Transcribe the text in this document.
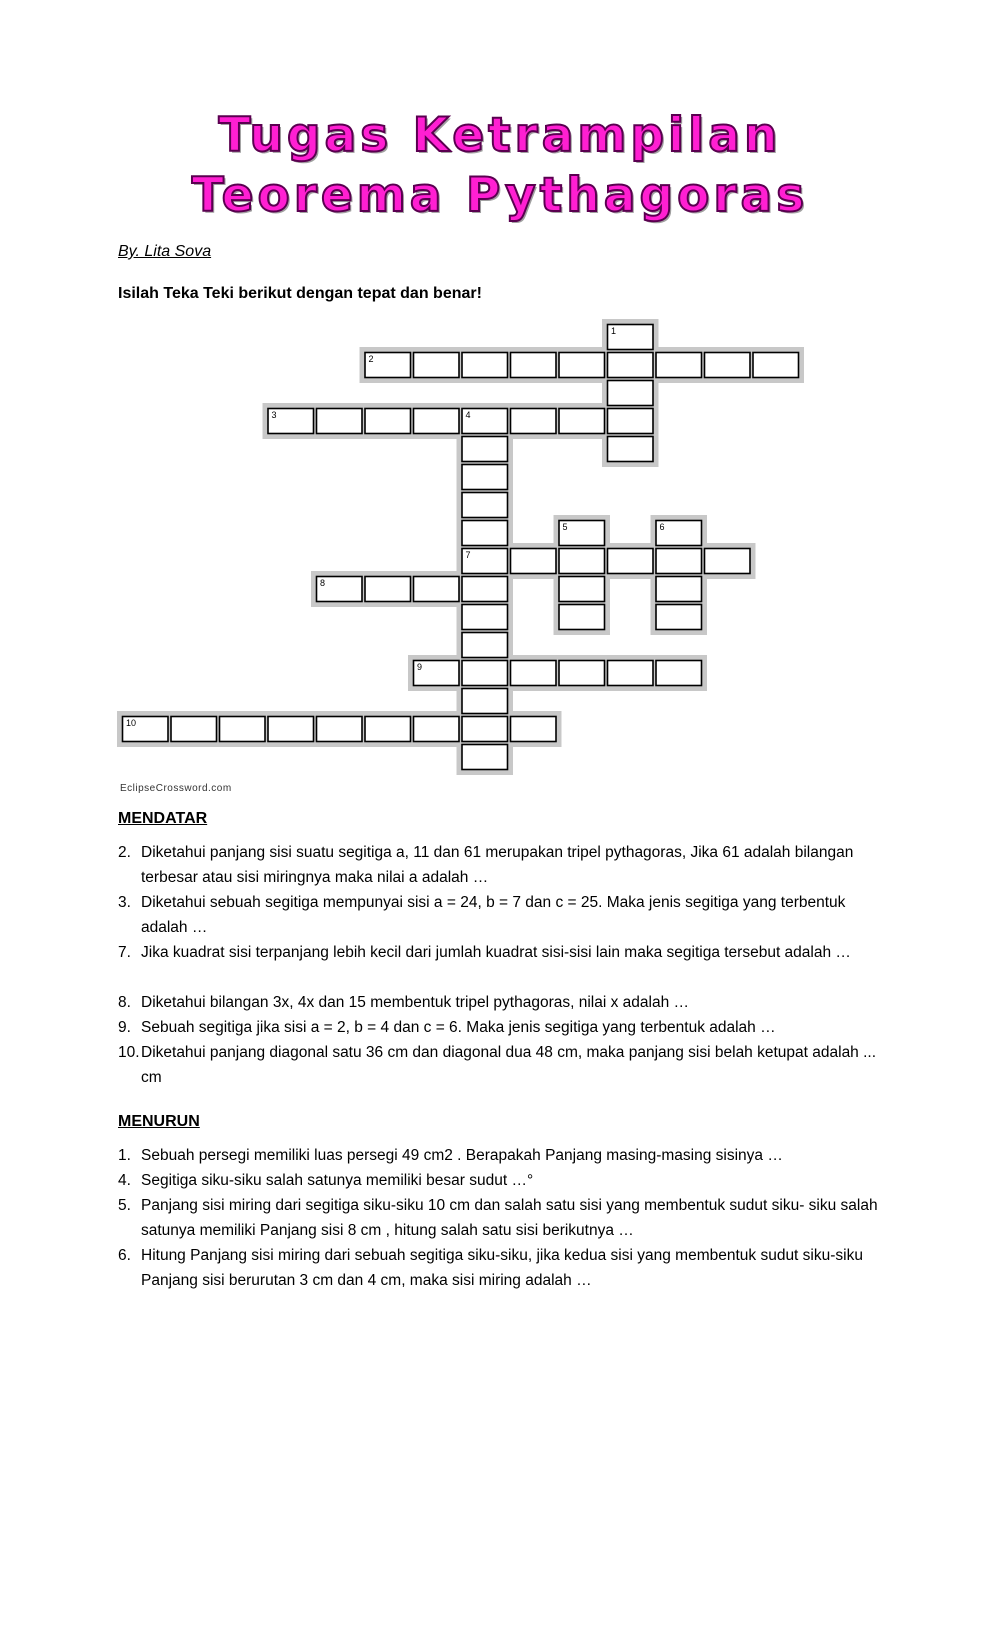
Tugas Ketrampilan
Teorema Pythagoras
By. Lita Sova
Isilah Teka Teki berikut dengan tepat dan benar!
1
2
3	4
5	6
7
8
9
10
EclipseCrossword.com
MENDATAR
2. Diketahui panjang sisi suatu segitiga a, 11 dan 61 merupakan tripel pythagoras, Jika 61 adalah bilangan terbesar atau sisi miringnya maka nilai a adalah …
3. Diketahui sebuah segitiga mempunyai sisi a = 24, b = 7 dan c = 25. Maka jenis segitiga yang terbentuk adalah …
7. Jika kuadrat sisi terpanjang lebih kecil dari jumlah kuadrat sisi-sisi lain maka segitiga tersebut adalah …
8. Diketahui bilangan 3x, 4x dan 15 membentuk tripel pythagoras, nilai x adalah …
9. Sebuah segitiga jika sisi a = 2, b = 4 dan c = 6. Maka jenis segitiga yang terbentuk adalah …
10. Diketahui panjang diagonal satu 36 cm dan diagonal dua 48 cm, maka panjang sisi belah ketupat adalah ... cm
MENURUN
1. Sebuah persegi memiliki luas persegi 49 cm2 . Berapakah Panjang masing-masing sisinya …
4. Segitiga siku-siku salah satunya memiliki besar sudut …°
5. Panjang sisi miring dari segitiga siku-siku 10 cm dan salah satu sisi yang membentuk sudut siku- siku salah satunya memiliki Panjang sisi 8 cm , hitung salah satu sisi berikutnya …
6. Hitung Panjang sisi miring dari sebuah segitiga siku-siku, jika kedua sisi yang membentuk sudut siku-siku Panjang sisi berurutan 3 cm dan 4 cm, maka sisi miring adalah …
